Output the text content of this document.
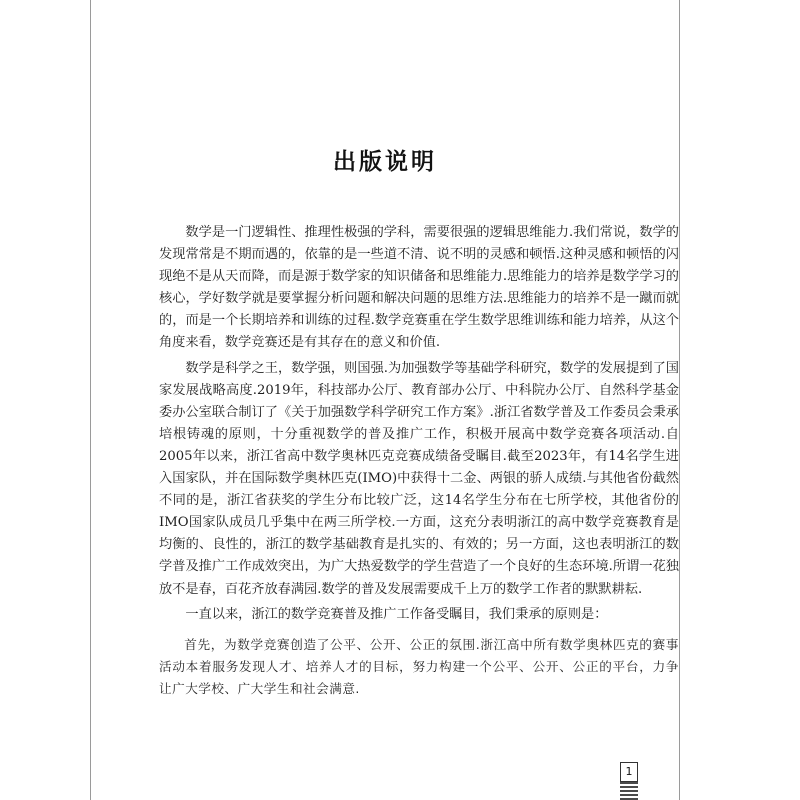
出版说明

数学是一门逻辑性、推理性极强的学科，需要很强的逻辑思维能力.我们常说，数学的发现常常是不期而遇的，依靠的是一些道不清、说不明的灵感和顿悟.这种灵感和顿悟的闪现绝不是从天而降，而是源于数学家的知识储备和思维能力.思维能力的培养是数学学习的核心，学好数学就是要掌握分析问题和解决问题的思维方法.思维能力的培养不是一蹴而就的，而是一个长期培养和训练的过程.数学竞赛重在学生数学思维训练和能力培养，从这个角度来看，数学竞赛还是有其存在的意义和价值.

数学是科学之王，数学强，则国强.为加强数学等基础学科研究，数学的发展提到了国家发展战略高度.2019年，科技部办公厅、教育部办公厅、中科院办公厅、自然科学基金委办公室联合制订了《关于加强数学科学研究工作方案》.浙江省数学普及工作委员会秉承培根铸魂的原则，十分重视数学的普及推广工作，积极开展高中数学竞赛各项活动.自2005年以来，浙江省高中数学奥林匹克竞赛成绩备受瞩目.截至2023年，有14名学生进入国家队，并在国际数学奥林匹克(IMO)中获得十二金、两银的骄人成绩.与其他省份截然不同的是，浙江省获奖的学生分布比较广泛，这14名学生分布在七所学校，其他省份的IMO国家队成员几乎集中在两三所学校.一方面，这充分表明浙江的高中数学竞赛教育是均衡的、良性的，浙江的数学基础教育是扎实的、有效的；另一方面，这也表明浙江的数学普及推广工作成效突出，为广大热爱数学的学生营造了一个良好的生态环境.所谓一花独放不是春，百花齐放春满园.数学的普及发展需要成千上万的数学工作者的默默耕耘.

一直以来，浙江的数学竞赛普及推广工作备受瞩目，我们秉承的原则是：

首先，为数学竞赛创造了公平、公开、公正的氛围.浙江高中所有数学奥林匹克的赛事活动本着服务发现人才、培养人才的目标，努力构建一个公平、公开、公正的平台，力争让广大学校、广大学生和社会满意.

1
